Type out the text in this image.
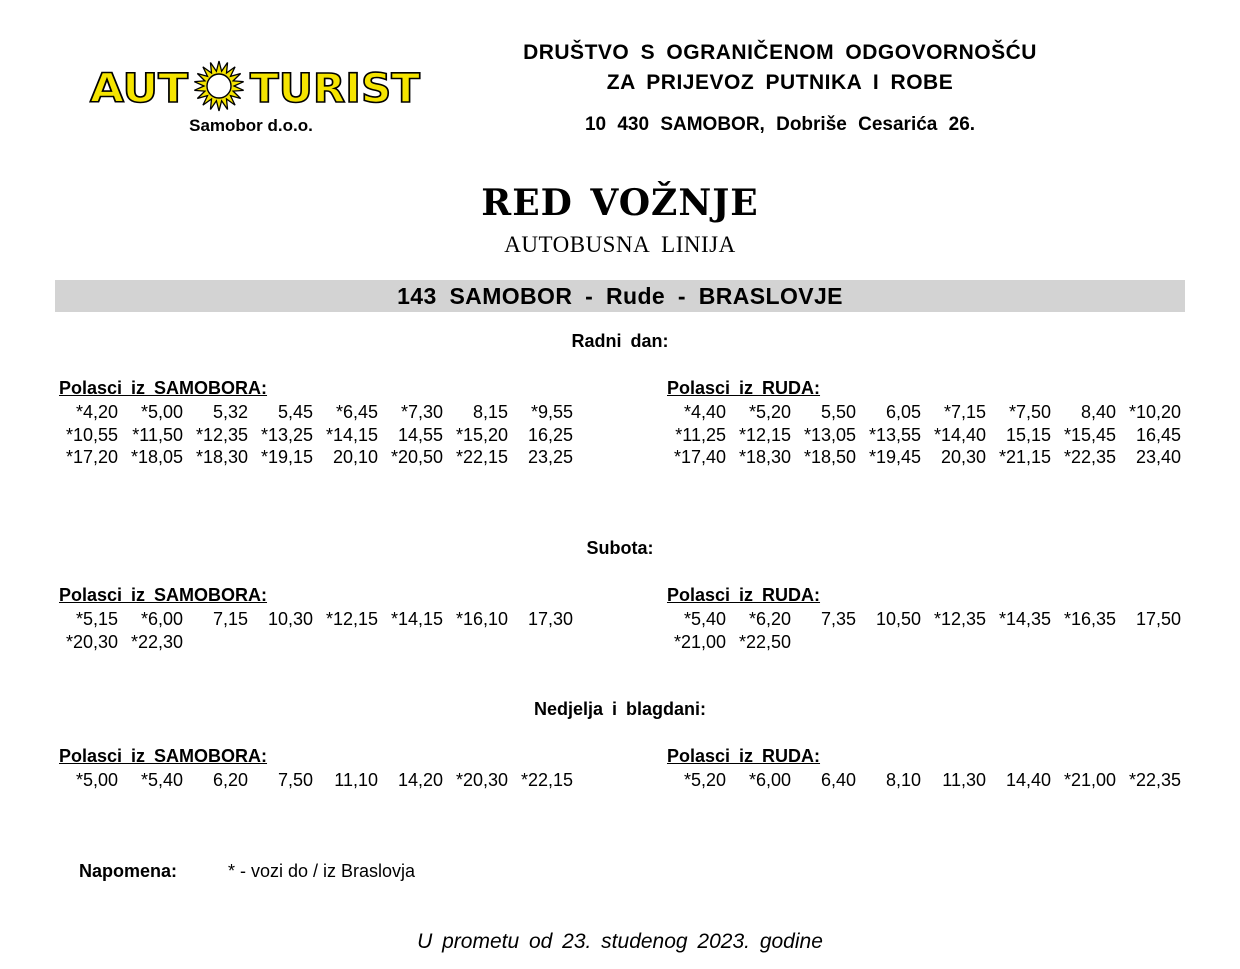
AUT TURIST
Samobor d.o.o.
DRUŠTVO S OGRANIČENOM ODGOVORNOŠĆU
ZA PRIJEVOZ PUTNIKA I ROBE
10 430 SAMOBOR, Dobriše Cesarića 26.
RED VOŽNJE
AUTOBUSNA LINIJA
143 SAMOBOR - Rude - BRASLOVJE
Radni dan:
Polasci iz SAMOBORA:
*4,20	*5,00	5,32	5,45	*6,45	*7,30	8,15	*9,55
*10,55 *11,50 *12,35 *13,25 *14,15	14,55 *15,20	16,25
*17,20 *18,05 *18,30 *19,15	20,10 *20,50 *22,15	23,25
Polasci iz RUDA:
*4,40	*5,20	5,50	6,05	*7,15	*7,50	8,40 *10,20
*11,25 *12,15 *13,05 *13,55 *14,40	15,15 *15,45	16,45
*17,40 *18,30 *18,50 *19,45	20,30 *21,15 *22,35	23,40
Subota:
Polasci iz SAMOBORA:
*5,15	*6,00	7,15	10,30 *12,15 *14,15 *16,10	17,30
*20,30 *22,30
Polasci iz RUDA:
*5,40	*6,20	7,35	10,50 *12,35 *14,35 *16,35	17,50
*21,00 *22,50
Nedjelja i blagdani:
Polasci iz SAMOBORA:
*5,00	*5,40	6,20	7,50	11,10	14,20 *20,30 *22,15
Polasci iz RUDA:
*5,20	*6,00	6,40	8,10	11,30	14,40 *21,00 *22,35
Napomena:	* - vozi do / iz Braslovja
U prometu od 23. studenog 2023. godine
